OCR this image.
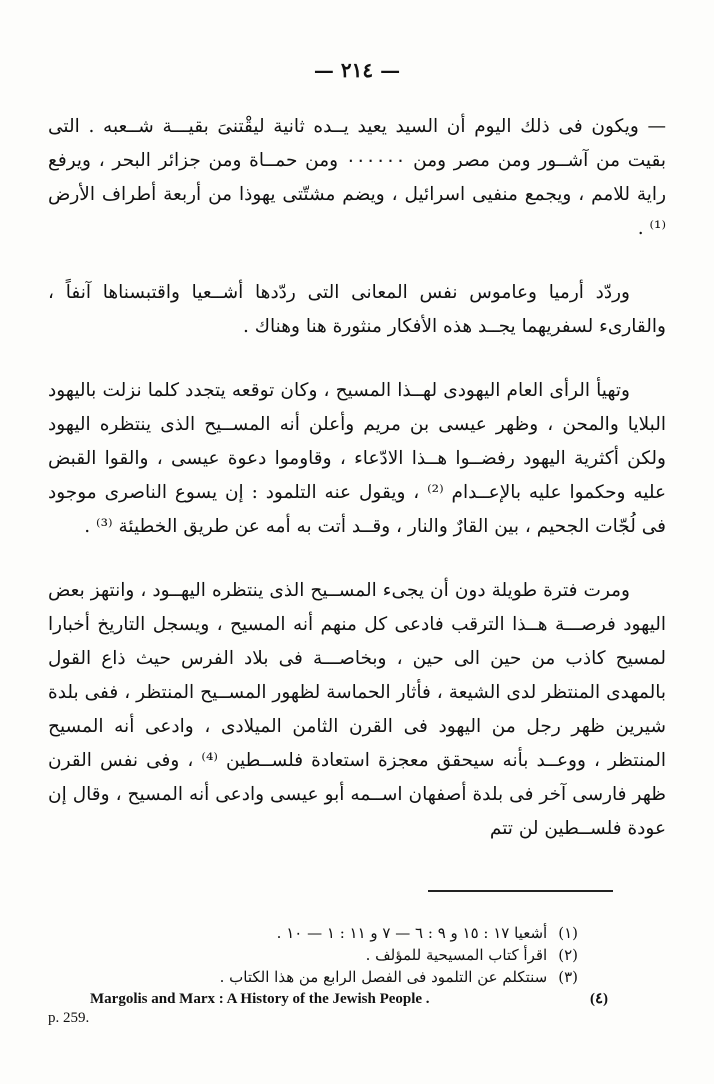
— ٢١٤ —

— ويكون فى ذلك اليوم أن السيد يعيد يــده ثانية ليقْتنىَ بقيـــة شــعبه . التى بقيت من آشــور ومن مصر ومن ٠٠٠٠٠٠ ومن حمــاة ومن جزائر البحر ، ويرفع راية للامم ، ويجمع منفيى اسرائيل ، ويضم مشتّتى يهوذا من أربعة أطراف الأرض ⁽¹⁾ .

وردّد أرميا وعاموس نفس المعانى التى ردّدها أشــعيا واقتبسناها آنفاً ، والقارىء لسفريهما يجــد هذه الأفكار منثورة هنا وهناك .

وتهيأ الرأى العام اليهودى لهــذا المسيح ، وكان توقعه يتجدد كلما نزلت باليهود البلايا والمحن ، وظهر عيسى بن مريم وأعلن أنه المســيح الذى ينتظره اليهود ولكن أكثرية اليهود رفضــوا هــذا الادّعاء ، وقاوموا دعوة عيسى ، والقوا القبض عليه وحكموا عليه بالإعــدام ⁽²⁾ ، ويقول عنه التلمود : إن يسوع الناصرى موجود فى لُجّات الجحيم ، بين القارٌ والنار ، وقــد أتت به أمه عن طريق الخطيئة ⁽³⁾ .

ومرت فترة طويلة دون أن يجىء المســيح الذى ينتظره اليهــود ، وانتهز بعض اليهود فرصـــة هــذا الترقب فادعى كل منهم أنه المسيح ، ويسجل التاريخ أخبارا لمسيح كاذب من حين الى حين ، وبخاصـــة فى بلاد الفرس حيث ذاع القول بالمهدى المنتظر لدى الشيعة ، فأثار الحماسة لظهور المســيح المنتظر ، ففى بلدة شيرين ظهر رجل من اليهود فى القرن الثامن الميلادى ، وادعى أنه المسيح المنتظر ، ووعــد بأنه سيحقق معجزة استعادة فلســطين ⁽⁴⁾ ، وفى نفس القرن ظهر فارسى آخر فى بلدة أصفهان اســمه أبو عيسى وادعى أنه المسيح ، وقال إن عودة فلســطين لن تتم

(١) أشعيا ١٧ : ١٥ و ٩ : ٦ — ٧ و ١١ : ١ — ١٠ .
(٢) اقرأ كتاب المسيحية للمؤلف .
(٣) سنتكلم عن التلمود فى الفصل الرابع من هذا الكتاب .
Margolis and Marx : A History of the Jewish People .	(٤)
p. 259.
